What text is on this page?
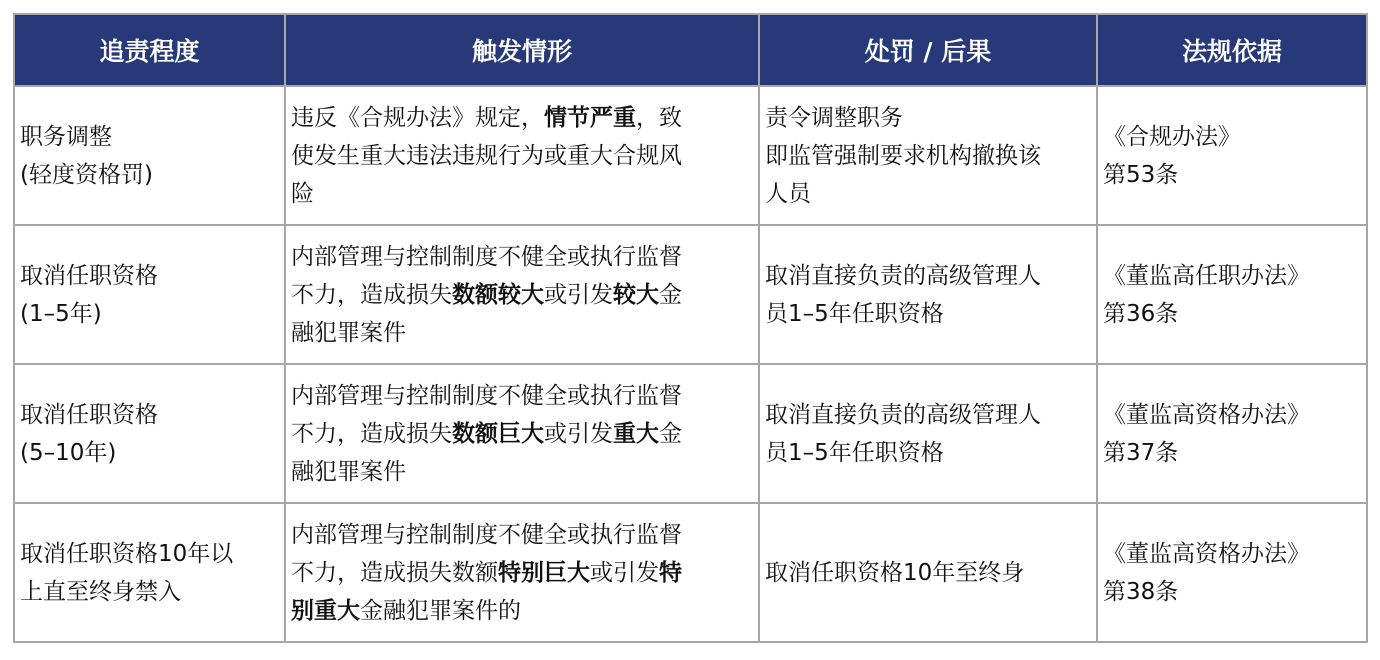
追责程度	触发情形	处罚 / 后果	法规依据

职务调整
(轻度资格罚)	违反《合规办法》规定，情节严重，致
使发生重大违法违规行为或重大合规风
险	责令调整职务
即监管强制要求机构撤换该
人员	《合规办法》
第53条

取消任职资格
(1–5年)	内部管理与控制制度不健全或执行监督
不力，造成损失数额较大或引发较大金
融犯罪案件	取消直接负责的高级管理人
员1–5年任职资格	《董监高任职办法》
第36条

取消任职资格
(5–10年)	内部管理与控制制度不健全或执行监督
不力，造成损失数额巨大或引发重大金
融犯罪案件	取消直接负责的高级管理人
员1–5年任职资格	《董监高资格办法》
第37条

取消任职资格10年以
上直至终身禁入	内部管理与控制制度不健全或执行监督
不力，造成损失数额特别巨大或引发特
别重大金融犯罪案件的	取消任职资格10年至终身	《董监高资格办法》
第38条
